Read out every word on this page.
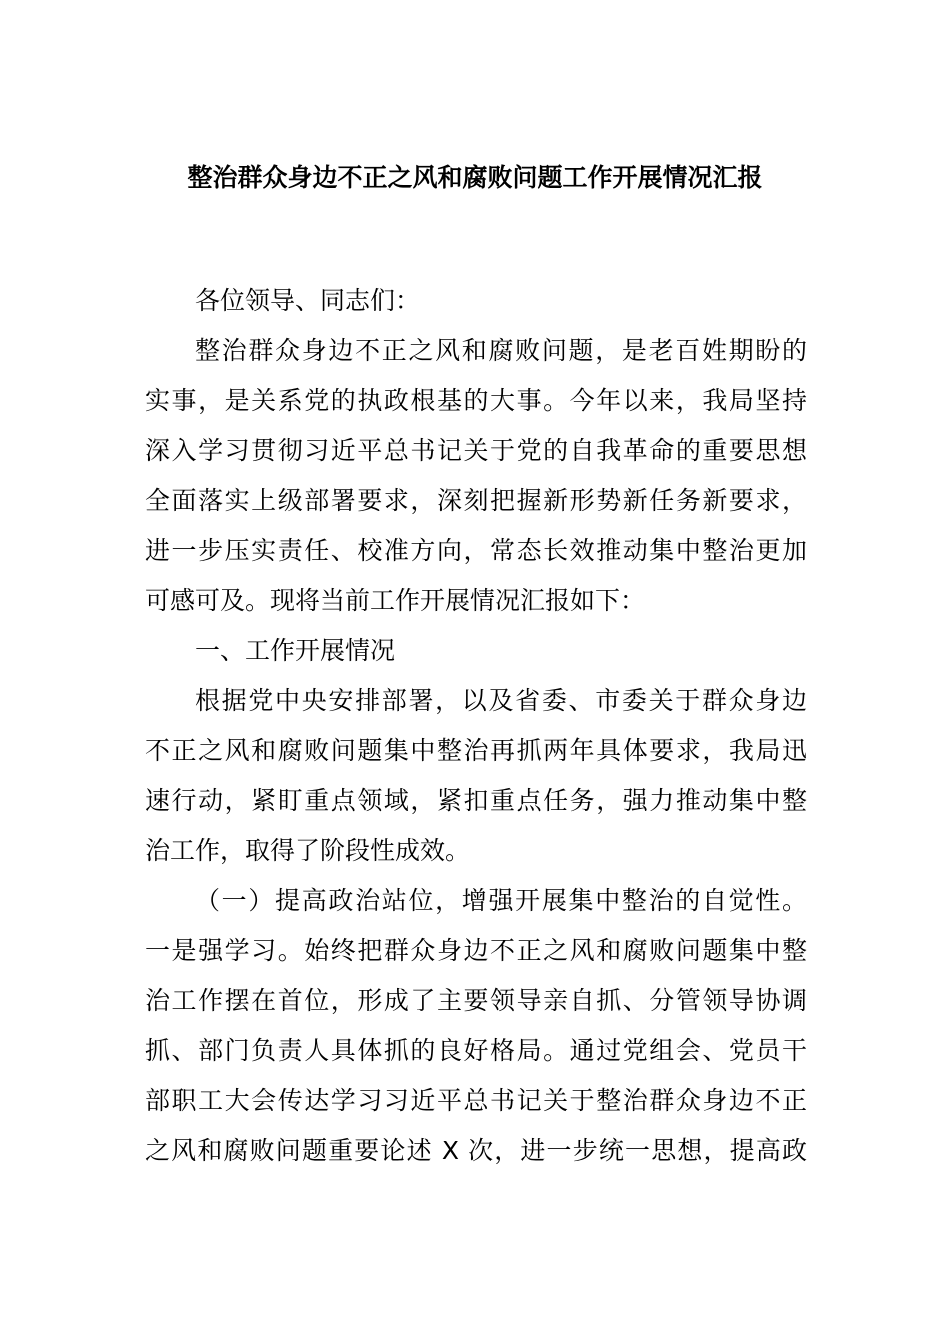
整治群众身边不正之风和腐败问题工作开展情况汇报
各位领导、同志们：
整治群众身边不正之风和腐败问题，是老百姓期盼的
实事，是关系党的执政根基的大事。今年以来，我局坚持
深入学习贯彻习近平总书记关于党的自我革命的重要思想
全面落实上级部署要求，深刻把握新形势新任务新要求，
进一步压实责任、校准方向，常态长效推动集中整治更加
可感可及。现将当前工作开展情况汇报如下：
一、工作开展情况
根据党中央安排部署，以及省委、市委关于群众身边
不正之风和腐败问题集中整治再抓两年具体要求，我局迅
速行动，紧盯重点领域，紧扣重点任务，强力推动集中整
治工作，取得了阶段性成效。
（一）提高政治站位，增强开展集中整治的自觉性。
一是强学习。始终把群众身边不正之风和腐败问题集中整
治工作摆在首位，形成了主要领导亲自抓、分管领导协调
抓、部门负责人具体抓的良好格局。通过党组会、党员干
部职工大会传达学习习近平总书记关于整治群众身边不正
之风和腐败问题重要论述 X 次，进一步统一思想，提高政
